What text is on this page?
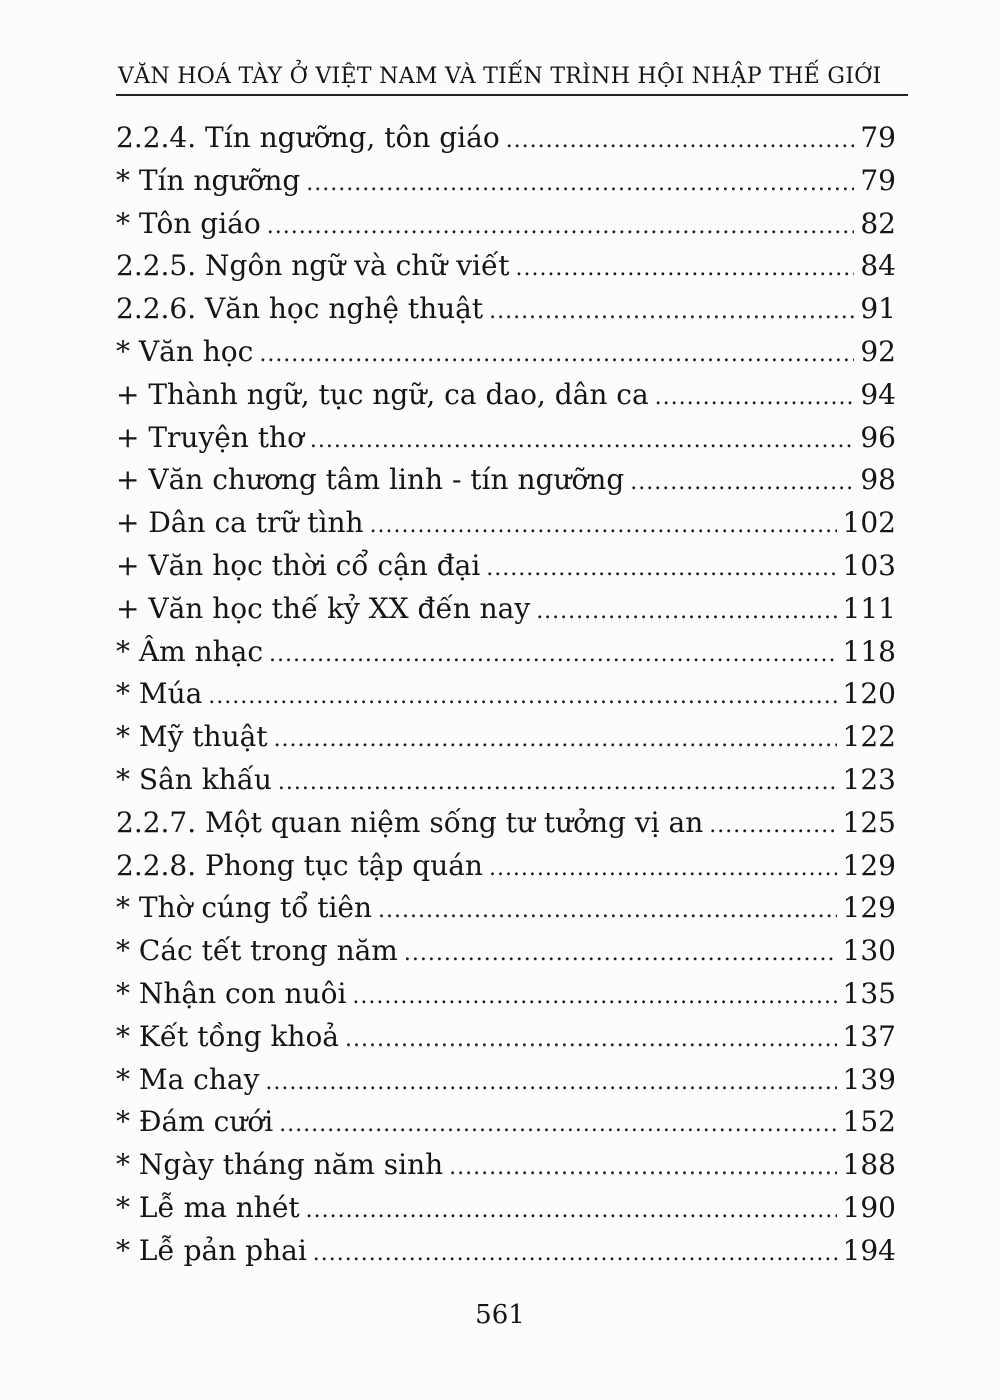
VĂN HOÁ TÀY Ở VIỆT NAM VÀ TIẾN TRÌNH HỘI NHẬP THẾ GIỚI
2.2.4. Tín ngưỡng, tôn giáo .....	79
* Tín ngưỡng .....	79
* Tôn giáo .....	82
2.2.5. Ngôn ngữ và chữ viết .....	84
2.2.6. Văn học nghệ thuật .....	91
* Văn học .....	92
+ Thành ngữ, tục ngữ, ca dao, dân ca .....	94
+ Truyện thơ .....	96
+ Văn chương tâm linh - tín ngưỡng .....	98
+ Dân ca trữ tình .....	102
+ Văn học thời cổ cận đại .....	103
+ Văn học thế kỷ XX đến nay .....	111
* Âm nhạc .....	118
* Múa .....	120
* Mỹ thuật .....	122
* Sân khấu .....	123
2.2.7. Một quan niệm sống tư tưởng vị an .....	125
2.2.8. Phong tục tập quán .....	129
* Thờ cúng tổ tiên .....	129
* Các tết trong năm .....	130
* Nhận con nuôi .....	135
* Kết tồng khoả .....	137
* Ma chay .....	139
* Đám cưới .....	152
* Ngày tháng năm sinh .....	188
* Lễ ma nhét .....	190
* Lễ pản phai .....	194
561
